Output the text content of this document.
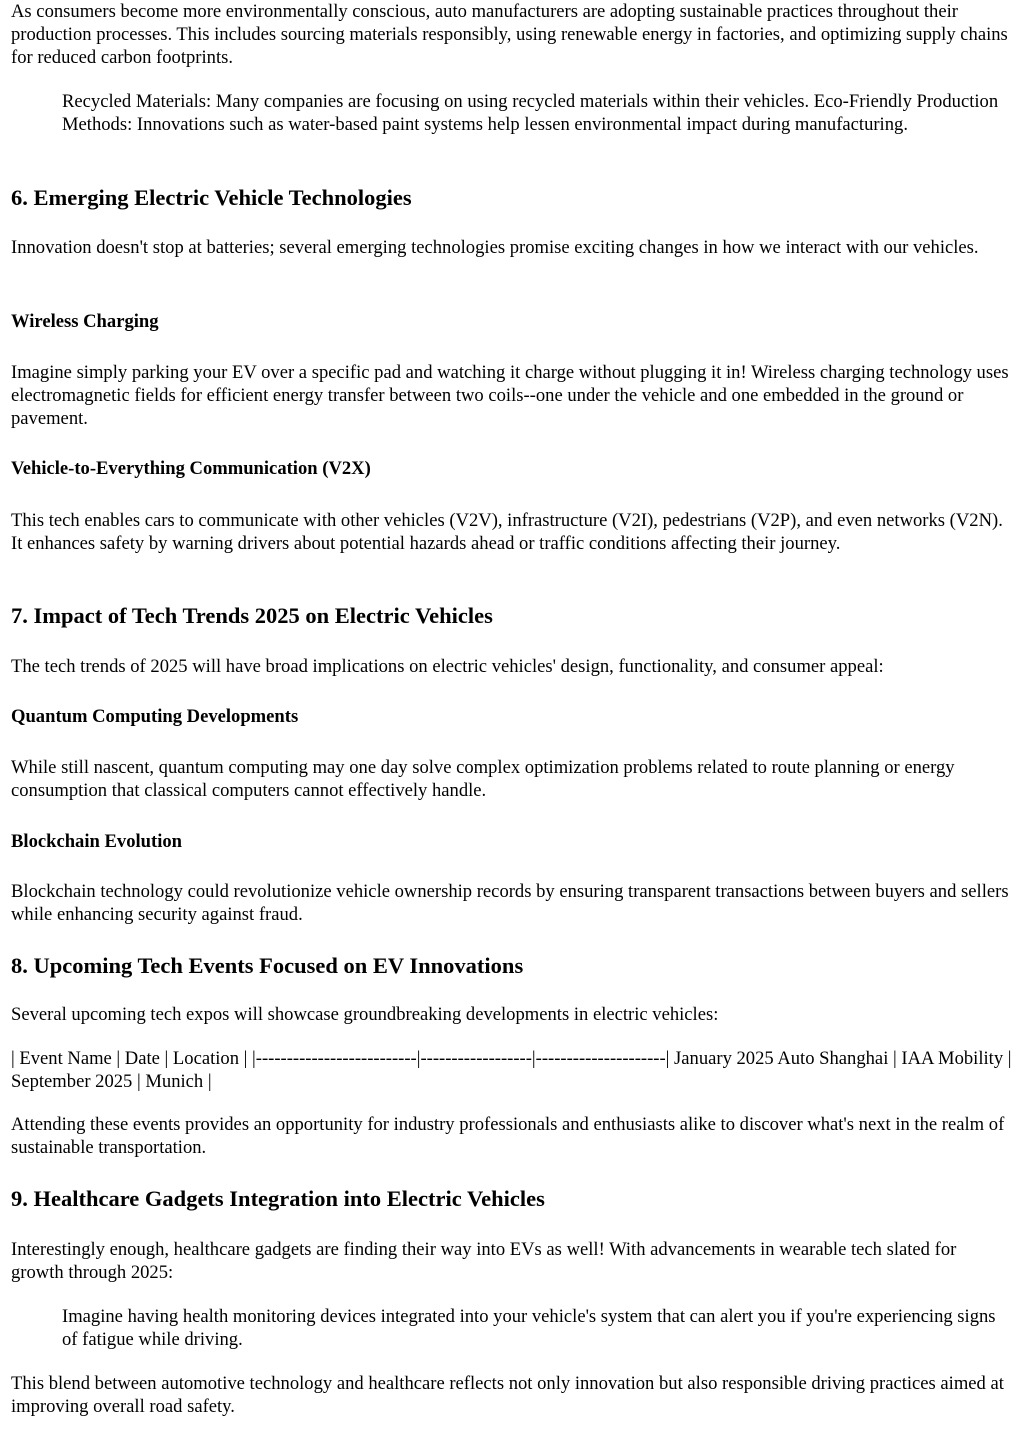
As consumers become more environmentally conscious, auto manufacturers are adopting sustainable practices throughout their production processes. This includes sourcing materials responsibly, using renewable energy in factories, and optimizing supply chains for reduced carbon footprints.

Recycled Materials: Many companies are focusing on using recycled materials within their vehicles. Eco-Friendly Production Methods: Innovations such as water-based paint systems help lessen environmental impact during manufacturing.
6. Emerging Electric Vehicle Technologies

Innovation doesn't stop at batteries; several emerging technologies promise exciting changes in how we interact with our vehicles.

Wireless Charging

Imagine simply parking your EV over a specific pad and watching it charge without plugging it in! Wireless charging technology uses electromagnetic fields for efficient energy transfer between two coils--one under the vehicle and one embedded in the ground or pavement.

Vehicle-to-Everything Communication (V2X)

This tech enables cars to communicate with other vehicles (V2V), infrastructure (V2I), pedestrians (V2P), and even networks (V2N). It enhances safety by warning drivers about potential hazards ahead or traffic conditions affecting their journey.

7. Impact of Tech Trends 2025 on Electric Vehicles

The tech trends of 2025 will have broad implications on electric vehicles' design, functionality, and consumer appeal:

Quantum Computing Developments

While still nascent, quantum computing may one day solve complex optimization problems related to route planning or energy consumption that classical computers cannot effectively handle.

Blockchain Evolution

Blockchain technology could revolutionize vehicle ownership records by ensuring transparent transactions between buyers and sellers while enhancing security against fraud.

8. Upcoming Tech Events Focused on EV Innovations

Several upcoming tech expos will showcase groundbreaking developments in electric vehicles:

| Event Name | Date | Location | |--------------------------|------------------|---------------------| January 2025 Auto Shanghai | IAA Mobility | September 2025 | Munich |

Attending these events provides an opportunity for industry professionals and enthusiasts alike to discover what's next in the realm of sustainable transportation.

9. Healthcare Gadgets Integration into Electric Vehicles

Interestingly enough, healthcare gadgets are finding their way into EVs as well! With advancements in wearable tech slated for growth through 2025:

Imagine having health monitoring devices integrated into your vehicle's system that can alert you if you're experiencing signs of fatigue while driving.

This blend between automotive technology and healthcare reflects not only innovation but also responsible driving practices aimed at improving overall road safety.
